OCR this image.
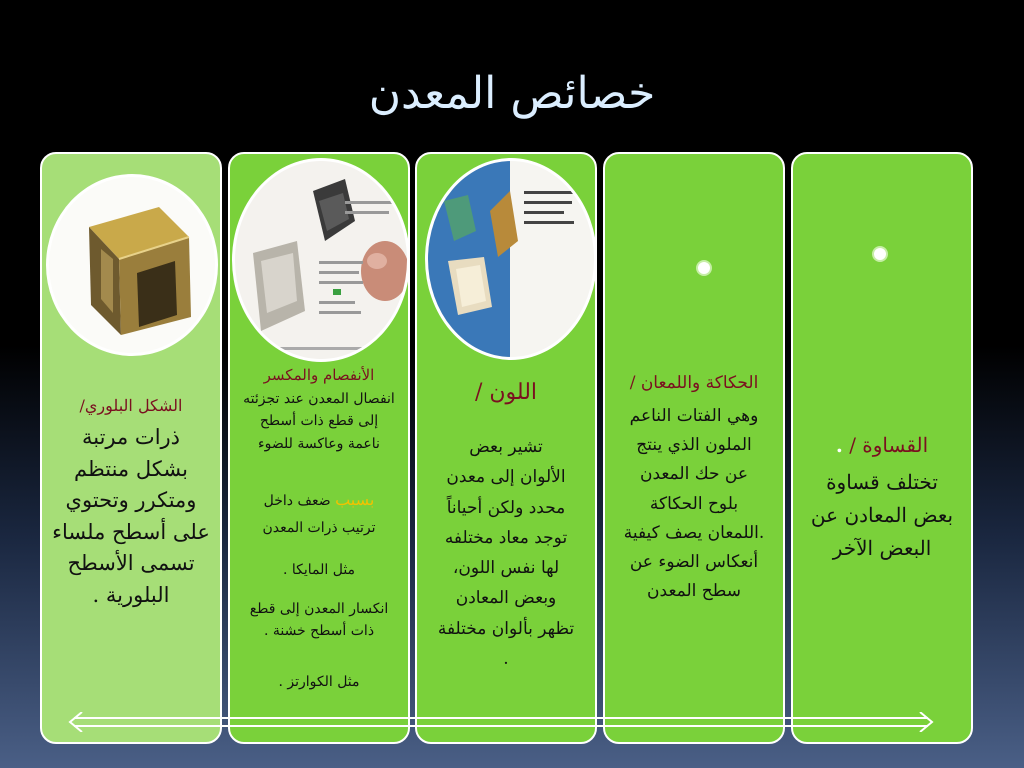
خصائص المعدن
الشكل البلوري/
ذرات مرتبة
بشكل منتظم
ومتكرر وتحتوي
على أسطح ملساء
تسمى الأسطح
البلورية .
الأنفصام والمكسر
انفصال المعدن عند تجزئته
إلى قطع ذات أسطح
ناعمة وعاكسة للضوء
بسبب ضعف داخل
ترتيب ذرات المعدن
مثل المايكا .
انكسار المعدن إلى قطع
ذات أسطح خشنة .
مثل الكوارتز .
اللون /
تشير بعض
الألوان إلى معدن
محدد ولكن أحياناً
توجد معاد مختلفه
لها نفس اللون،
وبعض المعادن
تظهر بألوان مختلفة
.
الحكاكة واللمعان /
وهي الفتات الناعم
الملون الذي ينتج
عن حك المعدن
بلوح الحكاكة
.اللمعان يصف كيفية
أنعكاس الضوء عن
سطح المعدن
القساوة / .
تختلف قساوة
بعض المعادن عن
البعض الآخر
